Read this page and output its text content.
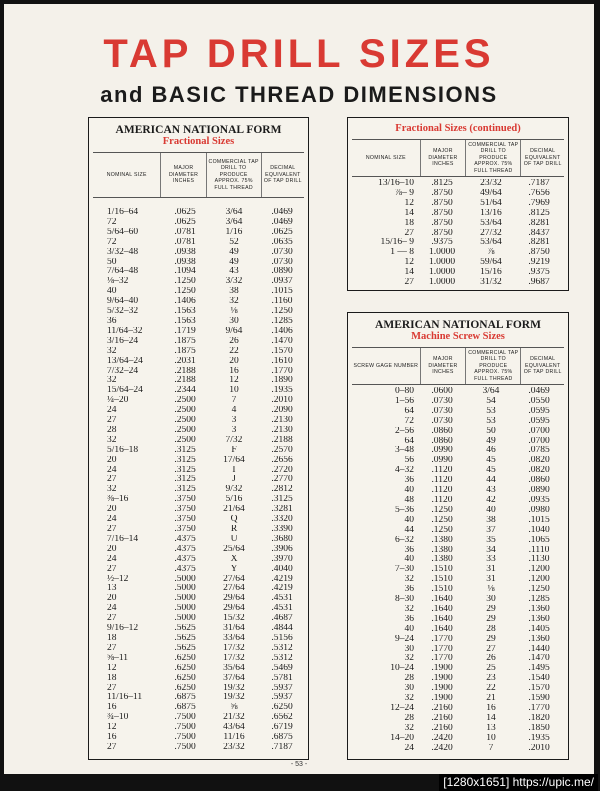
TAP DRILL SIZES
and BASIC THREAD DIMENSIONS
AMERICAN NATIONAL FORM
Fractional Sizes
NOMINAL SIZE
MAJOR DIAMETER INCHES
COMMERCIAL TAP DRILL TO PRODUCE APPROX. 75% FULL THREAD
DECIMAL EQUIVALENT OF TAP DRILL
1/16–64	.0625	3/64	.0469
72	.0625	3/64	.0469
5/64–60	.0781	1/16	.0625
72	.0781	52	.0635
3/32–48	.0938	49	.0730
50	.0938	49	.0730
7/64–48	.1094	43	.0890
⅛–32	.1250	3/32	.0937
40	.1250	38	.1015
9/64–40	.1406	32	.1160
5/32–32	.1563	⅛	.1250
36	.1563	30	.1285
11/64–32	.1719	9/64	.1406
3/16–24	.1875	26	.1470
32	.1875	22	.1570
13/64–24	.2031	20	.1610
7/32–24	.2188	16	.1770
32	.2188	12	.1890
15/64–24	.2344	10	.1935
¼–20	.2500	7	.2010
24	.2500	4	.2090
27	.2500	3	.2130
28	.2500	3	.2130
32	.2500	7/32	.2188
5/16–18	.3125	F	.2570
20	.3125	17/64	.2656
24	.3125	I	.2720
27	.3125	J	.2770
32	.3125	9/32	.2812
⅜–16	.3750	5/16	.3125
20	.3750	21/64	.3281
24	.3750	Q	.3320
27	.3750	R	.3390
7/16–14	.4375	U	.3680
20	.4375	25/64	.3906
24	.4375	X	.3970
27	.4375	Y	.4040
½–12	.5000	27/64	.4219
13	.5000	27/64	.4219
20	.5000	29/64	.4531
24	.5000	29/64	.4531
27	.5000	15/32	.4687
9/16–12	.5625	31/64	.4844
18	.5625	33/64	.5156
27	.5625	17/32	.5312
⅝–11	.6250	17/32	.5312
12	.6250	35/64	.5469
18	.6250	37/64	.5781
27	.6250	19/32	.5937
11/16–11	.6875	19/32	.5937
16	.6875	⅝	.6250
¾–10	.7500	21/32	.6562
12	.7500	43/64	.6719
16	.7500	11/16	.6875
27	.7500	23/32	.7187
Fractional Sizes (continued)
NOMINAL SIZE
MAJOR DIAMETER INCHES
COMMERCIAL TAP DRILL TO PRODUCE APPROX. 75% FULL THREAD
DECIMAL EQUIVALENT OF TAP DRILL
13/16–10	.8125	23/32	.7187
⅞– 9	.8750	49/64	.7656
12	.8750	51/64	.7969
14	.8750	13/16	.8125
18	.8750	53/64	.8281
27	.8750	27/32	.8437
15/16– 9	.9375	53/64	.8281
1 — 8	1.0000	⅞	.8750
12	1.0000	59/64	.9219
14	1.0000	15/16	.9375
27	1.0000	31/32	.9687
AMERICAN NATIONAL FORM
Machine Screw Sizes
SCREW GAGE NUMBER
MAJOR DIAMETER INCHES
COMMERCIAL TAP DRILL TO PRODUCE APPROX. 75% FULL THREAD
DECIMAL EQUIVALENT OF TAP DRILL
0–80	.0600	3/64	.0469
1–56	.0730	54	.0550
64	.0730	53	.0595
72	.0730	53	.0595
2–56	.0860	50	.0700
64	.0860	49	.0700
3–48	.0990	46	.0785
56	.0990	45	.0820
4–32	.1120	45	.0820
36	.1120	44	.0860
40	.1120	43	.0890
48	.1120	42	.0935
5–36	.1250	40	.0980
40	.1250	38	.1015
44	.1250	37	.1040
6–32	.1380	35	.1065
36	.1380	34	.1110
40	.1380	33	.1130
7–30	.1510	31	.1200
32	.1510	31	.1200
36	.1510	⅛	.1250
8–30	.1640	30	.1285
32	.1640	29	.1360
36	.1640	29	.1360
40	.1640	28	.1405
9–24	.1770	29	.1360
30	.1770	27	.1440
32	.1770	26	.1470
10–24	.1900	25	.1495
28	.1900	23	.1540
30	.1900	22	.1570
32	.1900	21	.1590
12–24	.2160	16	.1770
28	.2160	14	.1820
32	.2160	13	.1850
14–20	.2420	10	.1935
24	.2420	7	.2010
- 53 -
[1280x1651] https://upic.me/
